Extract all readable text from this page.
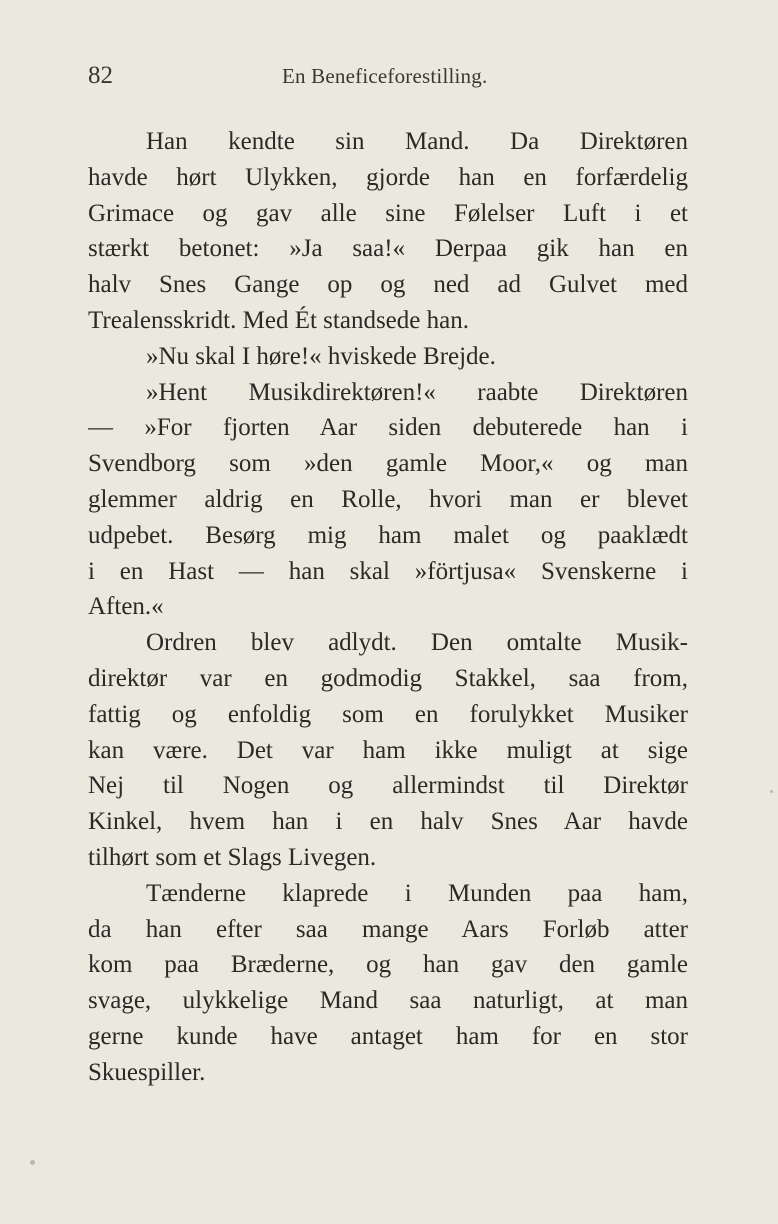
82	En Beneficeforestilling.
Han kendte sin Mand. Da Direktøren
havde hørt Ulykken, gjorde han en forfærdelig
Grimace og gav alle sine Følelser Luft i et
stærkt betonet: »Ja saa!« Derpaa gik han en
halv Snes Gange op og ned ad Gulvet med
Trealensskridt. Med Ét standsede han.
»Nu skal I høre!« hviskede Brejde.
»Hent Musikdirektøren!« raabte Direktøren
— »For fjorten Aar siden debuterede han i
Svendborg som »den gamle Moor,« og man
glemmer aldrig en Rolle, hvori man er blevet
udpebet. Besørg mig ham malet og paaklædt
i en Hast — han skal »förtjusa« Svenskerne i
Aften.«
Ordren blev adlydt. Den omtalte Musik-
direktør var en godmodig Stakkel, saa from,
fattig og enfoldig som en forulykket Musiker
kan være. Det var ham ikke muligt at sige
Nej til Nogen og allermindst til Direktør
Kinkel, hvem han i en halv Snes Aar havde
tilhørt som et Slags Livegen.
Tænderne klaprede i Munden paa ham,
da han efter saa mange Aars Forløb atter
kom paa Bræderne, og han gav den gamle
svage, ulykkelige Mand saa naturligt, at man
gerne kunde have antaget ham for en stor
Skuespiller.
